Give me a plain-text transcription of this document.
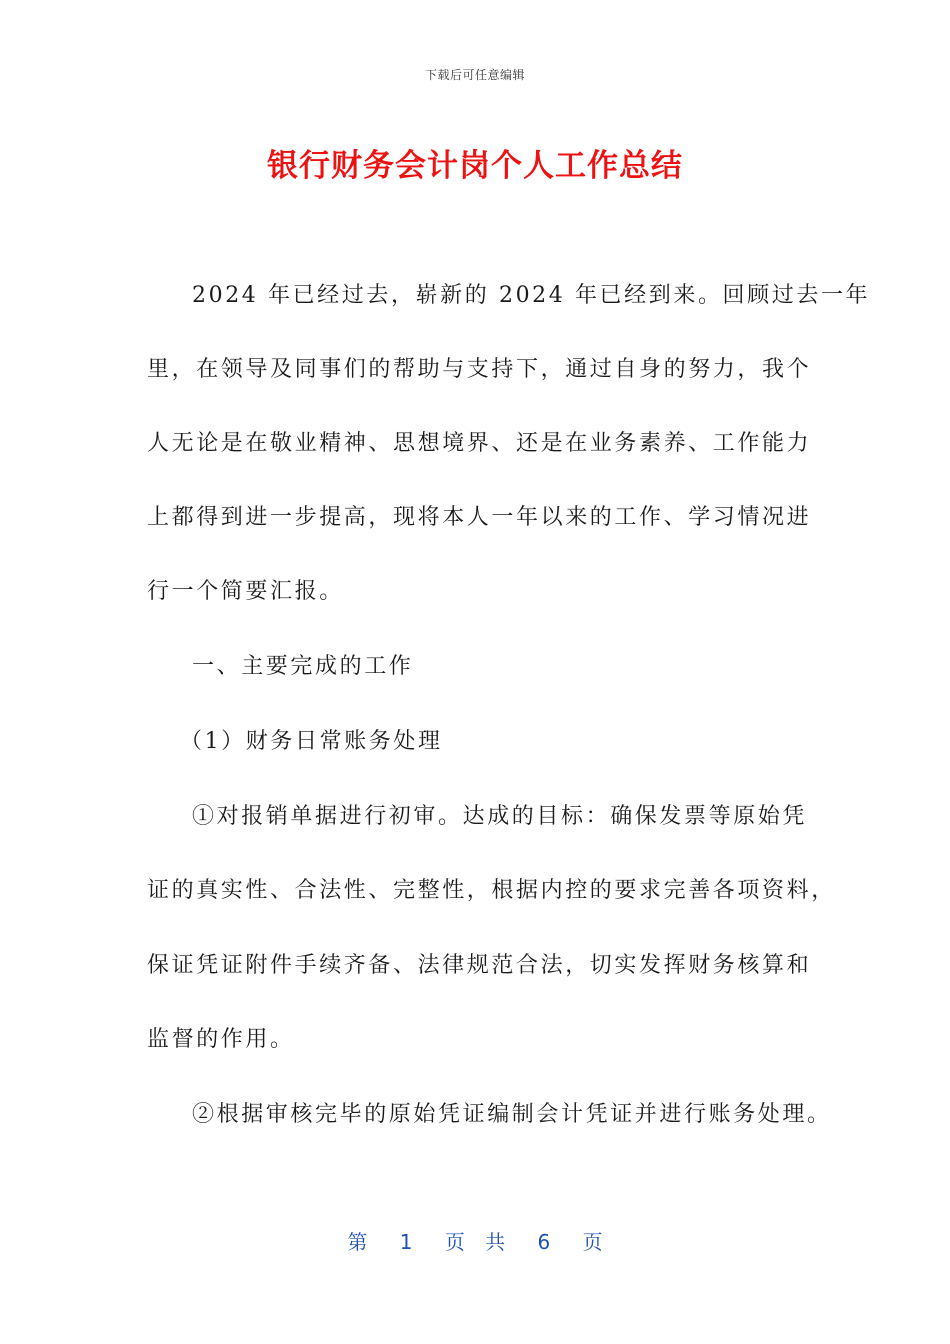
下载后可任意编辑
银行财务会计岗个人工作总结
2024 年已经过去，崭新的 2024 年已经到来。回顾过去一年
里，在领导及同事们的帮助与支持下，通过自身的努力，我个
人无论是在敬业精神、思想境界、还是在业务素养、工作能力
上都得到进一步提高，现将本人一年以来的工作、学习情况进
行一个简要汇报。
一、主要完成的工作
（1）财务日常账务处理
①对报销单据进行初审。达成的目标：确保发票等原始凭
证的真实性、合法性、完整性，根据内控的要求完善各项资料，
保证凭证附件手续齐备、法律规范合法，切实发挥财务核算和
监督的作用。
②根据审核完毕的原始凭证编制会计凭证并进行账务处理。
第 1 页 共 6 页
